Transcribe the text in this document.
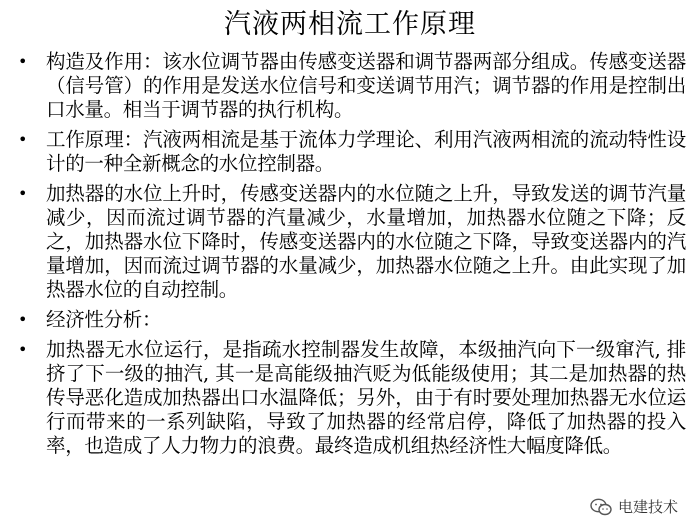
汽液两相流工作原理
• 构造及作用：该水位调节器由传感变送器和调节器两部分组成。传感变送器（信号管）的作用是发送水位信号和变送调节用汽；调节器的作用是控制出口水量。相当于调节器的执行机构。
• 工作原理：汽液两相流是基于流体力学理论、利用汽液两相流的流动特性设计的一种全新概念的水位控制器。
• 加热器的水位上升时，传感变送器内的水位随之上升，导致发送的调节汽量减少，因而流过调节器的汽量减少，水量增加，加热器水位随之下降；反之，加热器水位下降时，传感变送器内的水位随之下降，导致变送器内的汽量增加，因而流过调节器的水量减少，加热器水位随之上升。由此实现了加热器水位的自动控制。
• 经济性分析：
• 加热器无水位运行，是指疏水控制器发生故障，本级抽汽向下一级窜汽, 排挤了下一级的抽汽, 其一是高能级抽汽贬为低能级使用；其二是加热器的热传导恶化造成加热器出口水温降低；另外，由于有时要处理加热器无水位运行而带来的一系列缺陷，导致了加热器的经常启停，降低了加热器的投入率，也造成了人力物力的浪费。最终造成机组热经济性大幅度降低。
电建技术
